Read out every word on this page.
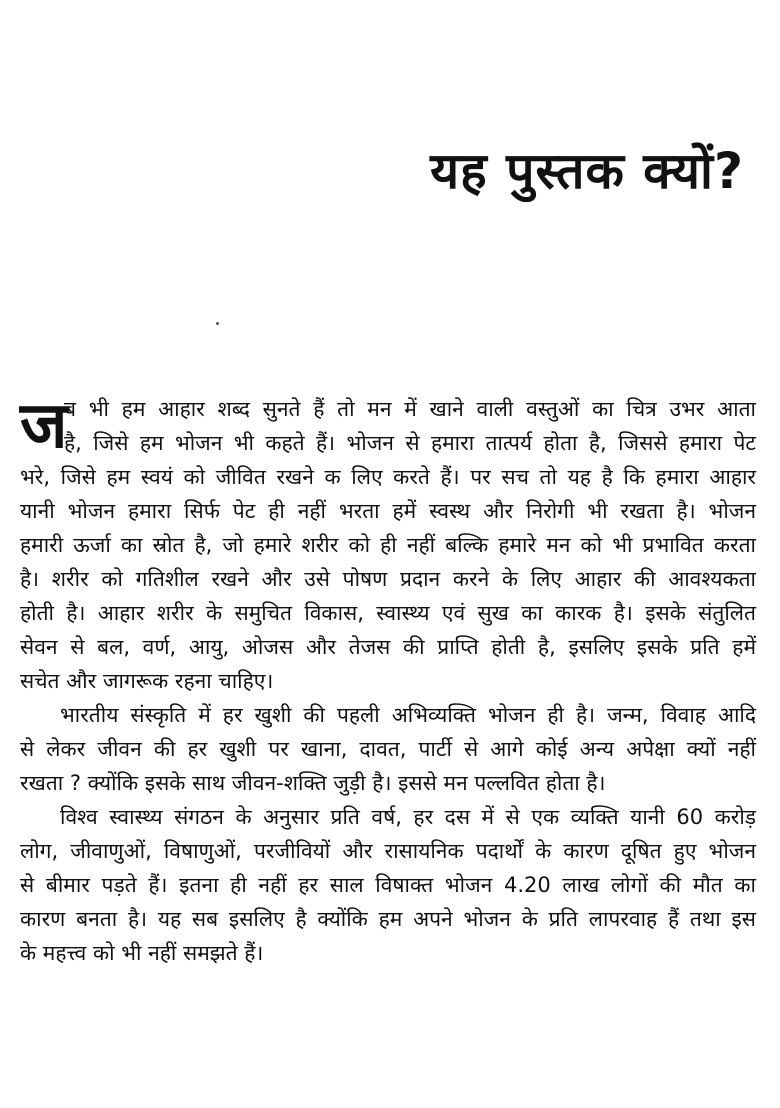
यह पुस्तक क्यों?
ज
ब भी हम आहार शब्द सुनते हैं तो मन में खाने वाली वस्तुओं का चित्र उभर आता
है, जिसे हम भोजन भी कहते हैं। भोजन से हमारा तात्पर्य होता है, जिससे हमारा पेट
भरे, जिसे हम स्वयं को जीवित रखने क लिए करते हैं। पर सच तो यह है कि हमारा आहार
यानी भोजन हमारा सिर्फ पेट ही नहीं भरता हमें स्वस्थ और निरोगी भी रखता है। भोजन
हमारी ऊर्जा का स्रोत है, जो हमारे शरीर को ही नहीं बल्कि हमारे मन को भी प्रभावित करता
है। शरीर को गतिशील रखने और उसे पोषण प्रदान करने के लिए आहार की आवश्यकता
होती है। आहार शरीर के समुचित विकास, स्वास्थ्य एवं सुख का कारक है। इसके संतुलित
सेवन से बल, वर्ण, आयु, ओजस और तेजस की प्राप्ति होती है, इसलिए इसके प्रति हमें
सचेत और जागरूक रहना चाहिए।
भारतीय संस्कृति में हर खुशी की पहली अभिव्यक्ति भोजन ही है। जन्म, विवाह आदि
से लेकर जीवन की हर खुशी पर खाना, दावत, पार्टी से आगे कोई अन्य अपेक्षा क्यों नहीं
रखता ? क्योंकि इसके साथ जीवन-शक्ति जुड़ी है। इससे मन पल्लवित होता है।
विश्व स्वास्थ्य संगठन के अनुसार प्रति वर्ष, हर दस में से एक व्यक्ति यानी 60 करोड़
लोग, जीवाणुओं, विषाणुओं, परजीवियों और रासायनिक पदार्थों के कारण दूषित हुए भोजन
से बीमार पड़ते हैं। इतना ही नहीं हर साल विषाक्त भोजन 4.20 लाख लोगों की मौत का
कारण बनता है। यह सब इसलिए है क्योंकि हम अपने भोजन के प्रति लापरवाह हैं तथा इस
के महत्त्व को भी नहीं समझते हैं।
